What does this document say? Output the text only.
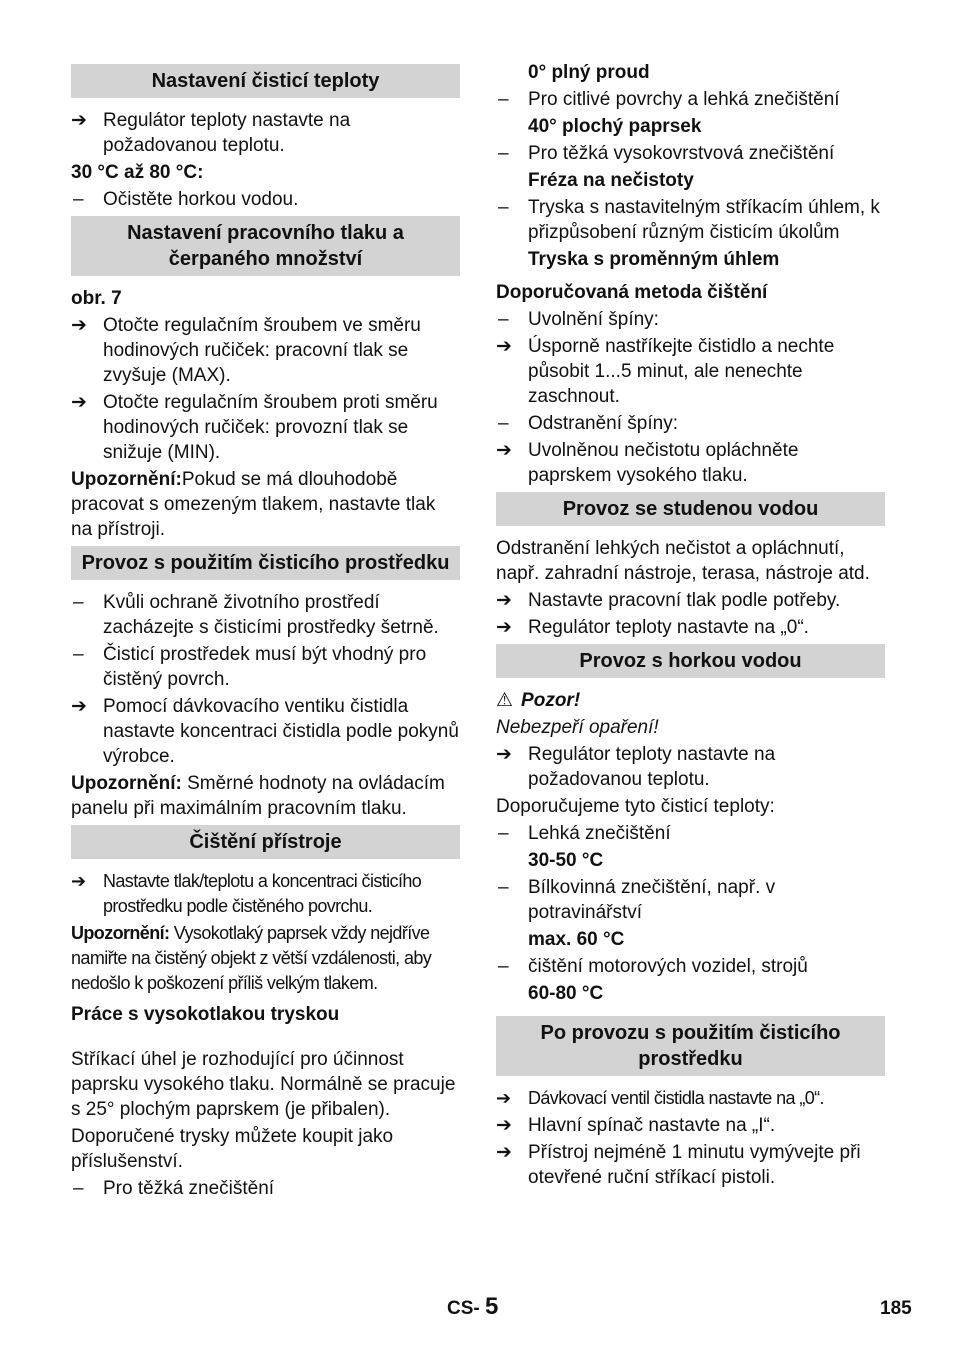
Nastavení čisticí teploty
➔ Regulátor teploty nastavte na požadovanou teplotu.
30 °C až 80 °C:
–	Očistěte horkou vodou.
Nastavení pracovního tlaku a čerpaného množství
obr. 7
➔ Otočte regulačním šroubem ve směru hodinových ručiček: pracovní tlak se zvyšuje (MAX).
➔ Otočte regulačním šroubem proti směru hodinových ručiček: provozní tlak se snižuje (MIN).
Upozornění:Pokud se má dlouhodobě pracovat s omezeným tlakem, nastavte tlak na přístroji.
Provoz s použitím čisticího prostředku
–	Kvůli ochraně životního prostředí zacházejte s čisticími prostředky šetrně.
–	Čisticí prostředek musí být vhodný pro čistěný povrch.
➔ Pomocí dávkovacího ventiku čistidla nastavte koncentraci čistidla podle pokynů výrobce.
Upozornění: Směrné hodnoty na ovládacím panelu při maximálním pracovním tlaku.
Čištění přístroje
➔ Nastavte tlak/teplotu a koncentraci čisticího prostředku podle čistěného povrchu.
Upozornění: Vysokotlaký paprsek vždy nejdříve namiřte na čistěný objekt z větší vzdálenosti, aby nedošlo k poškození příliš velkým tlakem.
Práce s vysokotlakou tryskou
Stříkací úhel je rozhodující pro účinnost paprsku vysokého tlaku. Normálně se pracuje s 25° plochým paprskem (je přibalen).
Doporučené trysky můžete koupit jako příslušenství.
–	Pro těžká znečištění
0° plný proud
–	Pro citlivé povrchy a lehká znečištění
40° plochý paprsek
–	Pro těžká vysokovrstvová znečištění
Fréza na nečistoty
–	Tryska s nastavitelným stříkacím úhlem, k přizpůsobení různým čisticím úkolům
Tryska s proměnným úhlem
Doporučovaná metoda čištění
–	Uvolnění špíny:
➔ Úsporně nastříkejte čistidlo a nechte působit 1...5 minut, ale nenechte zaschnout.
–	Odstranění špíny:
➔ Uvolněnou nečistotu opláchněte paprskem vysokého tlaku.
Provoz se studenou vodou
Odstranění lehkých nečistot a opláchnutí, např. zahradní nástroje, terasa, nástroje atd.
➔ Nastavte pracovní tlak podle potřeby.
➔ Regulátor teploty nastavte na „0“.
Provoz s horkou vodou
⚠ Pozor!
Nebezpeří opaření!
➔ Regulátor teploty nastavte na požadovanou teplotu.
Doporučujeme tyto čisticí teploty:
–	Lehká znečištění
30-50 °C
–	Bílkovinná znečištění, např. v potravinářství
max. 60 °C
–	čištění motorových vozidel, strojů
60-80 °C
Po provozu s použitím čisticího prostředku
➔ Dávkovací ventil čistidla nastavte na „0“.
➔ Hlavní spínač nastavte na „I“.
➔ Přístroj nejméně 1 minutu vymývejte při otevřené ruční stříkací pistoli.
CS- 5	185
